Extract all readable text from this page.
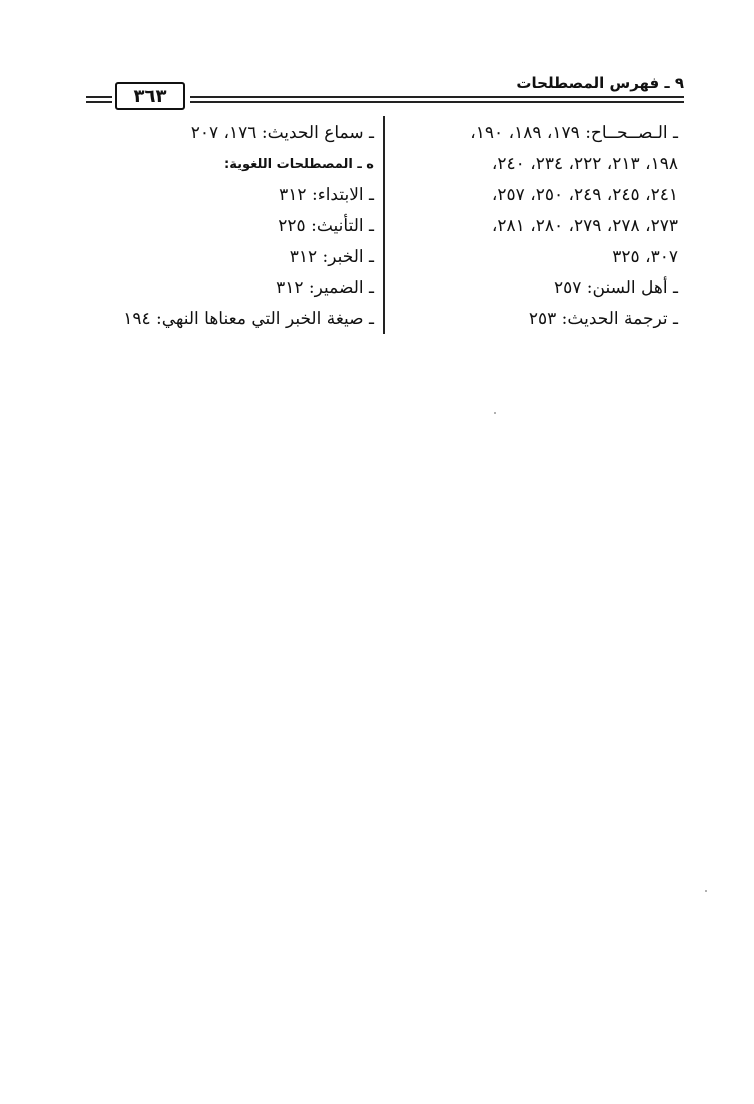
٩ ـ فهرس المصطلحات
٣٦٣
ـ الـصــحــاح: ١٧٩، ١٨٩، ١٩٠،
١٩٨، ٢١٣، ٢٢٢، ٢٣٤، ٢٤٠،
٢٤١، ٢٤٥، ٢٤٩، ٢٥٠، ٢٥٧،
٢٧٣، ٢٧٨، ٢٧٩، ٢٨٠، ٢٨١،
٣٠٧، ٣٢٥
ـ أهل السنن: ٢٥٧
ـ ترجمة الحديث: ٢٥٣
ـ سماع الحديث: ١٧٦، ٢٠٧
ه ـ المصطلحات اللغوية:
ـ الابتداء: ٣١٢
ـ التأنيث: ٢٢٥
ـ الخبر: ٣١٢
ـ الضمير: ٣١٢
ـ صيغة الخبر التي معناها النهي: ١٩٤
